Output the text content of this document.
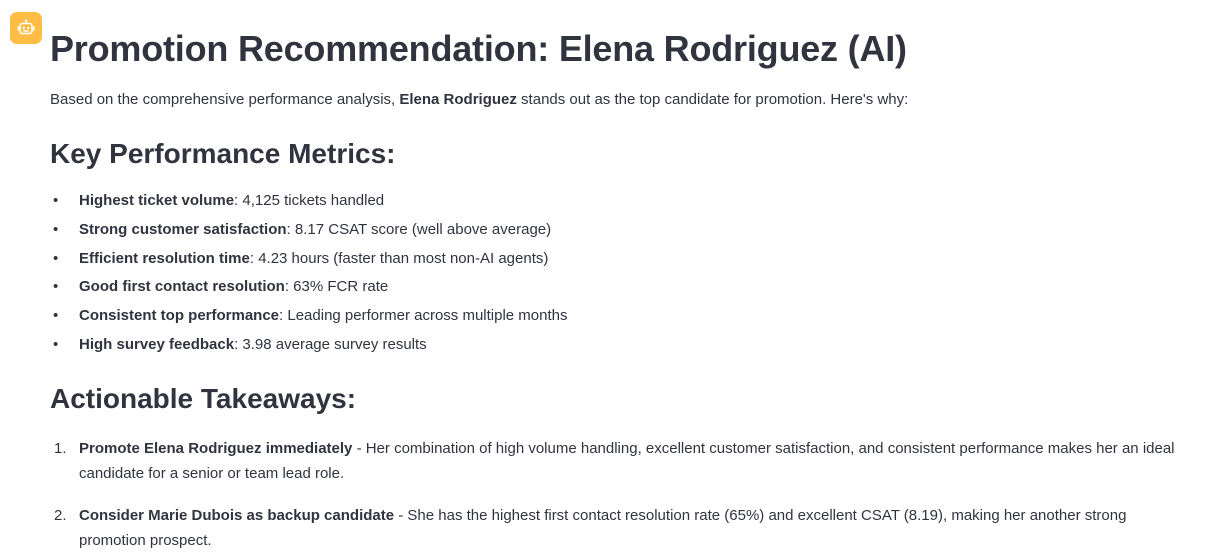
Promotion Recommendation: Elena Rodriguez (AI)
Based on the comprehensive performance analysis, Elena Rodriguez stands out as the top candidate for promotion. Here's why:
Key Performance Metrics:
• Highest ticket volume: 4,125 tickets handled
• Strong customer satisfaction: 8.17 CSAT score (well above average)
• Efficient resolution time: 4.23 hours (faster than most non-AI agents)
• Good first contact resolution: 63% FCR rate
• Consistent top performance: Leading performer across multiple months
• High survey feedback: 3.98 average survey results
Actionable Takeaways:
1. Promote Elena Rodriguez immediately - Her combination of high volume handling, excellent customer satisfaction, and consistent performance makes her an ideal candidate for a senior or team lead role.
2. Consider Marie Dubois as backup candidate - She has the highest first contact resolution rate (65%) and excellent CSAT (8.19), making her another strong promotion prospect.
